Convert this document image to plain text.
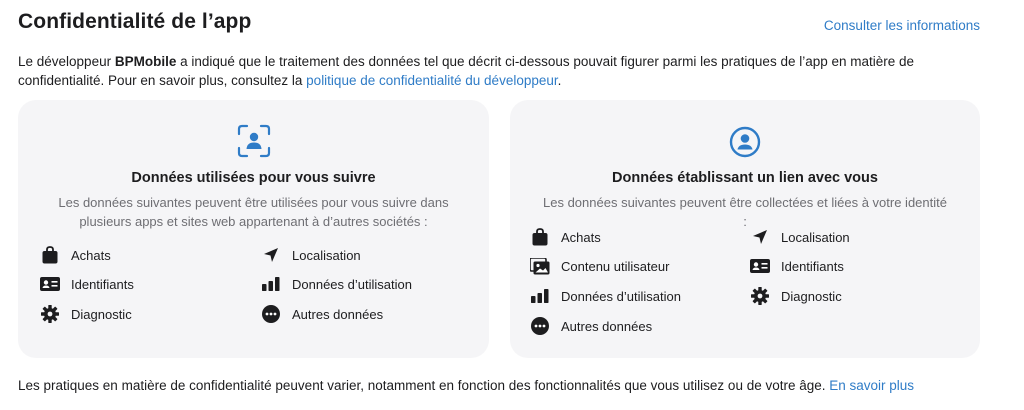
Confidentialité de l’app	Consulter les informations
Le développeur BPMobile a indiqué que le traitement des données tel que décrit ci-dessous pouvait figurer parmi les pratiques de l’app en matière de confidentialité. Pour en savoir plus, consultez la politique de confidentialité du développeur.
Données utilisées pour vous suivre
Les données suivantes peuvent être utilisées pour vous suivre dans plusieurs apps et sites web appartenant à d’autres sociétés :
Achats	Localisation
Identifiants	Données d’utilisation
Diagnostic	Autres données
Données établissant un lien avec vous
Les données suivantes peuvent être collectées et liées à votre identité :
Achats	Localisation
Contenu utilisateur	Identifiants
Données d’utilisation	Diagnostic
Autres données
Les pratiques en matière de confidentialité peuvent varier, notamment en fonction des fonctionnalités que vous utilisez ou de votre âge. En savoir plus
